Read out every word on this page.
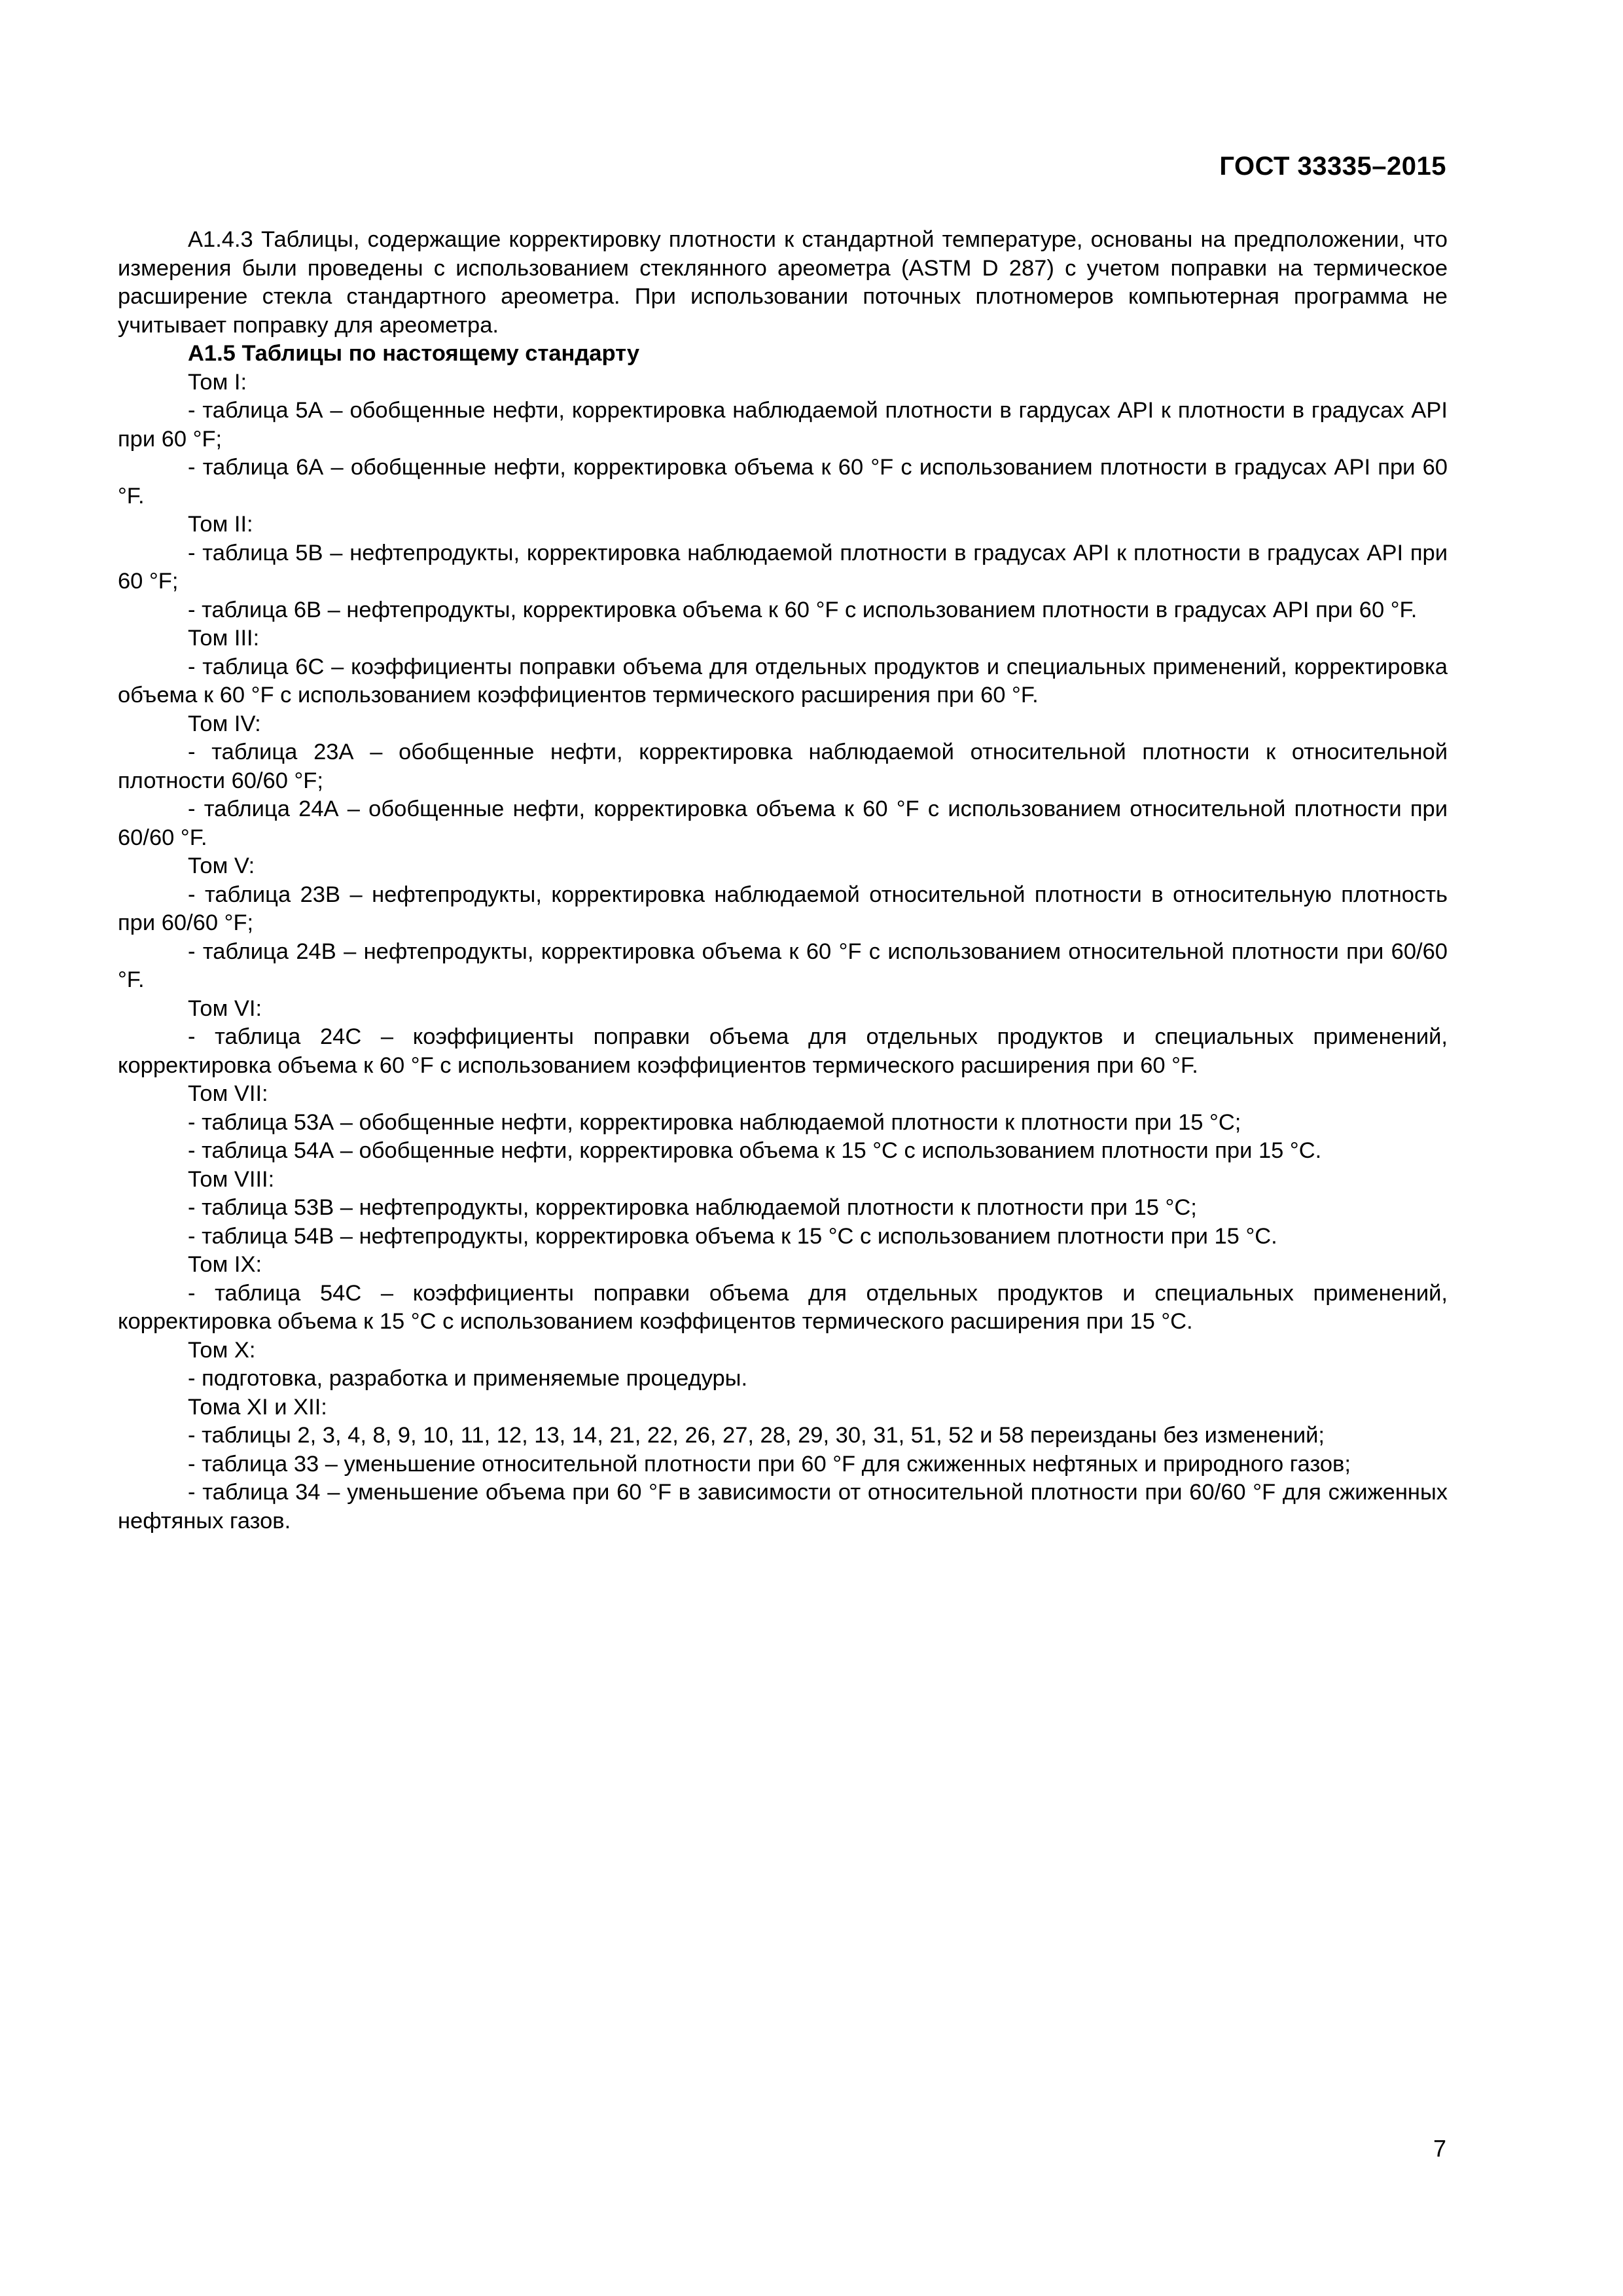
ГОСТ 33335–2015

А1.4.3 Таблицы, содержащие корректировку плотности к стандартной температуре, основаны на предположении, что измерения были проведены с использованием стеклянного ареометра (ASTM D 287) с учетом поправки на термическое расширение стекла стандартного ареометра. При использовании поточных плотномеров компьютерная программа не учитывает поправку для ареометра.

А1.5 Таблицы по настоящему стандарту

Том I:

- таблица 5А – обобщенные нефти, корректировка наблюдаемой плотности в гардусах API к плотности в градусах API при 60 °F;

- таблица 6А – обобщенные нефти, корректировка объема к 60 °F с использованием плотности в градусах API при 60 °F.

Том II:

- таблица 5В – нефтепродукты, корректировка наблюдаемой плотности в градусах API к плотности в градусах API при 60 °F;

- таблица 6В – нефтепродукты, корректировка объема к 60 °F с использованием плотности в градусах API при 60 °F.

Том III:

- таблица 6С – коэффициенты поправки объема для отдельных продуктов и специальных применений, корректировка объема к 60 °F с использованием коэффициентов термического расширения при 60 °F.

Том IV:

- таблица 23А – обобщенные нефти, корректировка наблюдаемой относительной плотности к относительной плотности 60/60 °F;

- таблица 24А – обобщенные нефти, корректировка объема к 60 °F с использованием относительной плотности при 60/60 °F.

Том V:

- таблица 23В – нефтепродукты, корректировка наблюдаемой относительной плотности в относительную плотность при 60/60 °F;

- таблица 24В – нефтепродукты, корректировка объема к 60 °F с использованием относительной плотности при 60/60 °F.

Том VI:

- таблица 24С – коэффициенты поправки объема для отдельных продуктов и специальных применений, корректировка объема к 60 °F с использованием коэффициентов термического расширения при 60 °F.

Том VII:

- таблица 53А – обобщенные нефти, корректировка наблюдаемой плотности к плотности при 15 °C;

- таблица 54А – обобщенные нефти, корректировка объема к 15 °C с использованием плотности при 15 °C.

Том VIII:

- таблица 53В – нефтепродукты, корректировка наблюдаемой плотности к плотности при 15 °C;

- таблица 54В – нефтепродукты, корректировка объема к 15 °C с использованием плотности при 15 °C.

Том IX:

- таблица 54С – коэффициенты поправки объема для отдельных продуктов и специальных применений, корректировка объема к 15 °C с использованием коэффицентов термического расширения при 15 °C.

Том X:

- подготовка, разработка и применяемые процедуры.

Тома XI и XII:

- таблицы 2, 3, 4, 8, 9, 10, 11, 12, 13, 14, 21, 22, 26, 27, 28, 29, 30, 31, 51, 52 и 58 переизданы без изменений;

- таблица 33 – уменьшение относительной плотности при 60 °F для сжиженных нефтяных и природного газов;

- таблица 34 – уменьшение объема при 60 °F в зависимости от относительной плотности при 60/60 °F для сжиженных нефтяных газов.

7
